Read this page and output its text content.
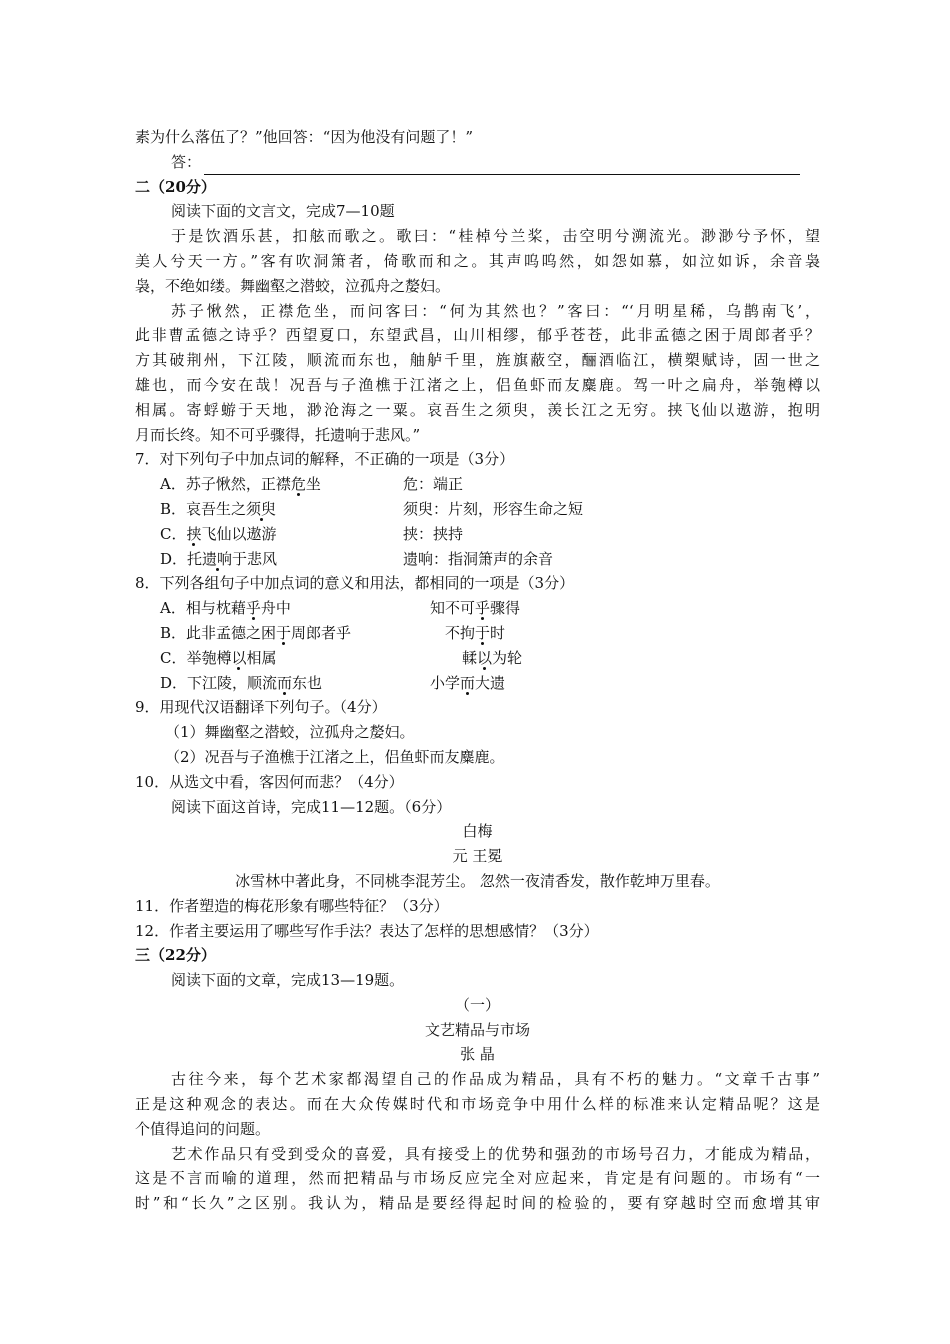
素为什么落伍了？”他回答：“因为他没有问题了！”
答：
二（20分）
阅读下面的文言文，完成7—10题
于是饮酒乐甚，扣舷而歌之。歌曰：“桂棹兮兰桨，击空明兮溯流光。渺渺兮予怀，望
美人兮天一方。”客有吹洞箫者，倚歌而和之。其声呜呜然，如怨如慕，如泣如诉，余音袅
袅，不绝如缕。舞幽壑之潜蛟，泣孤舟之嫠妇。
苏子愀然，正襟危坐，而问客曰：“何为其然也？”客曰：“‘月明星稀，乌鹊南飞’，
此非曹孟德之诗乎？西望夏口，东望武昌，山川相缪，郁乎苍苍，此非孟德之困于周郎者乎？
方其破荆州，下江陵，顺流而东也，舳舻千里，旌旗蔽空，酾酒临江，横槊赋诗，固一世之
雄也，而今安在哉！况吾与子渔樵于江渚之上，侣鱼虾而友麋鹿。驾一叶之扁舟，举匏樽以
相属。寄蜉蝣于天地，渺沧海之一粟。哀吾生之须臾，羡长江之无穷。挟飞仙以遨游，抱明
月而长终。知不可乎骤得，托遗响于悲风。”
7．对下列句子中加点词的解释，不正确的一项是（3分）
A．苏子愀然，正襟危坐	危：端正
B．哀吾生之须臾	须臾：片刻，形容生命之短
C．挟飞仙以遨游	挟：挟持
D．托遗响于悲风	遗响：指洞箫声的余音
8．下列各组句子中加点词的意义和用法，都相同的一项是（3分）
A．相与枕藉乎舟中	知不可乎骤得
B．此非孟德之困于周郎者乎	不拘于时
C．举匏樽以相属	輮以为轮
D．下江陵，顺流而东也	小学而大遗
9．用现代汉语翻译下列句子。（4分）
（1）舞幽壑之潜蛟，泣孤舟之嫠妇。
（2）况吾与子渔樵于江渚之上，侣鱼虾而友麋鹿。
10．从选文中看，客因何而悲？（4分）
阅读下面这首诗，完成11—12题。（6分）
白梅
元 王冕
冰雪林中著此身，不同桃李混芳尘。 忽然一夜清香发，散作乾坤万里春。
11．作者塑造的梅花形象有哪些特征？（3分）
12．作者主要运用了哪些写作手法？表达了怎样的思想感情？（3分）
三（22分）
阅读下面的文章，完成13—19题。
（一）
文艺精品与市场
张 晶
古往今来，每个艺术家都渴望自己的作品成为精品，具有不朽的魅力。“文章千古事”
正是这种观念的表达。而在大众传媒时代和市场竞争中用什么样的标准来认定精品呢？这是
个值得追问的问题。
艺术作品只有受到受众的喜爱，具有接受上的优势和强劲的市场号召力，才能成为精品，
这是不言而喻的道理，然而把精品与市场反应完全对应起来，肯定是有问题的。市场有“一
时”和“长久”之区别。我认为，精品是要经得起时间的检验的，要有穿越时空而愈增其审
